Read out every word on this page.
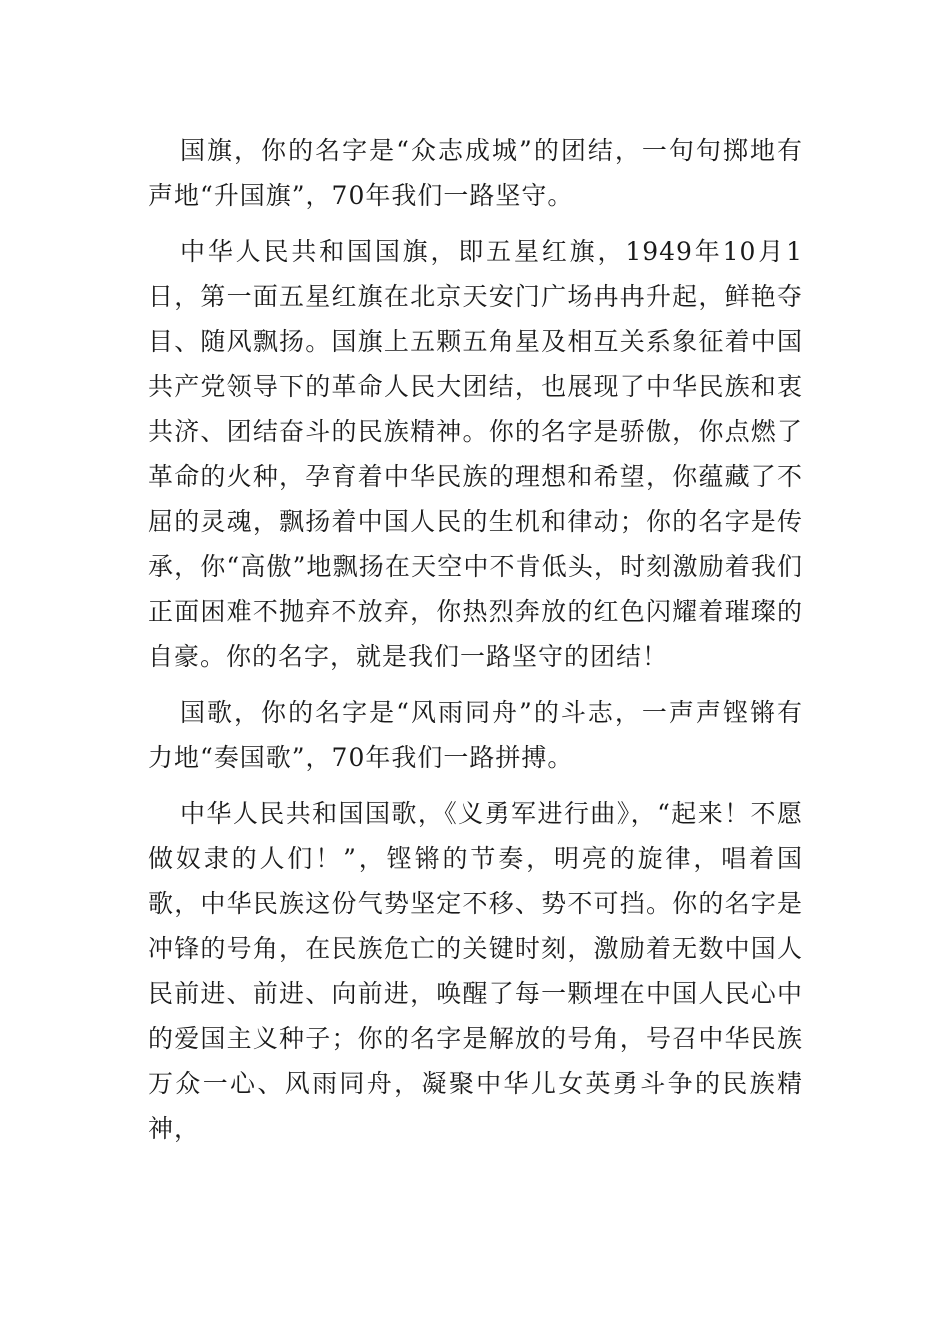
国旗，你的名字是“众志成城”的团结，一句句掷地有声地“升国旗”，70年我们一路坚守。

中华人民共和国国旗，即五星红旗，1949年10月1日，第一面五星红旗在北京天安门广场冉冉升起，鲜艳夺目、随风飘扬。国旗上五颗五角星及相互关系象征着中国共产党领导下的革命人民大团结，也展现了中华民族和衷共济、团结奋斗的民族精神。你的名字是骄傲，你点燃了革命的火种，孕育着中华民族的理想和希望，你蕴藏了不屈的灵魂，飘扬着中国人民的生机和律动；你的名字是传承，你“高傲”地飘扬在天空中不肯低头，时刻激励着我们正面困难不抛弃不放弃，你热烈奔放的红色闪耀着璀璨的自豪。你的名字，就是我们一路坚守的团结！

国歌，你的名字是“风雨同舟”的斗志，一声声铿锵有力地“奏国歌”，70年我们一路拼搏。

中华人民共和国国歌，《义勇军进行曲》，“起来！不愿做奴隶的人们！”，铿锵的节奏，明亮的旋律，唱着国歌，中华民族这份气势坚定不移、势不可挡。你的名字是冲锋的号角，在民族危亡的关键时刻，激励着无数中国人民前进、前进、向前进，唤醒了每一颗埋在中国人民心中的爱国主义种子；你的名字是解放的号角，号召中华民族万众一心、风雨同舟，凝聚中华儿女英勇斗争的民族精神，
